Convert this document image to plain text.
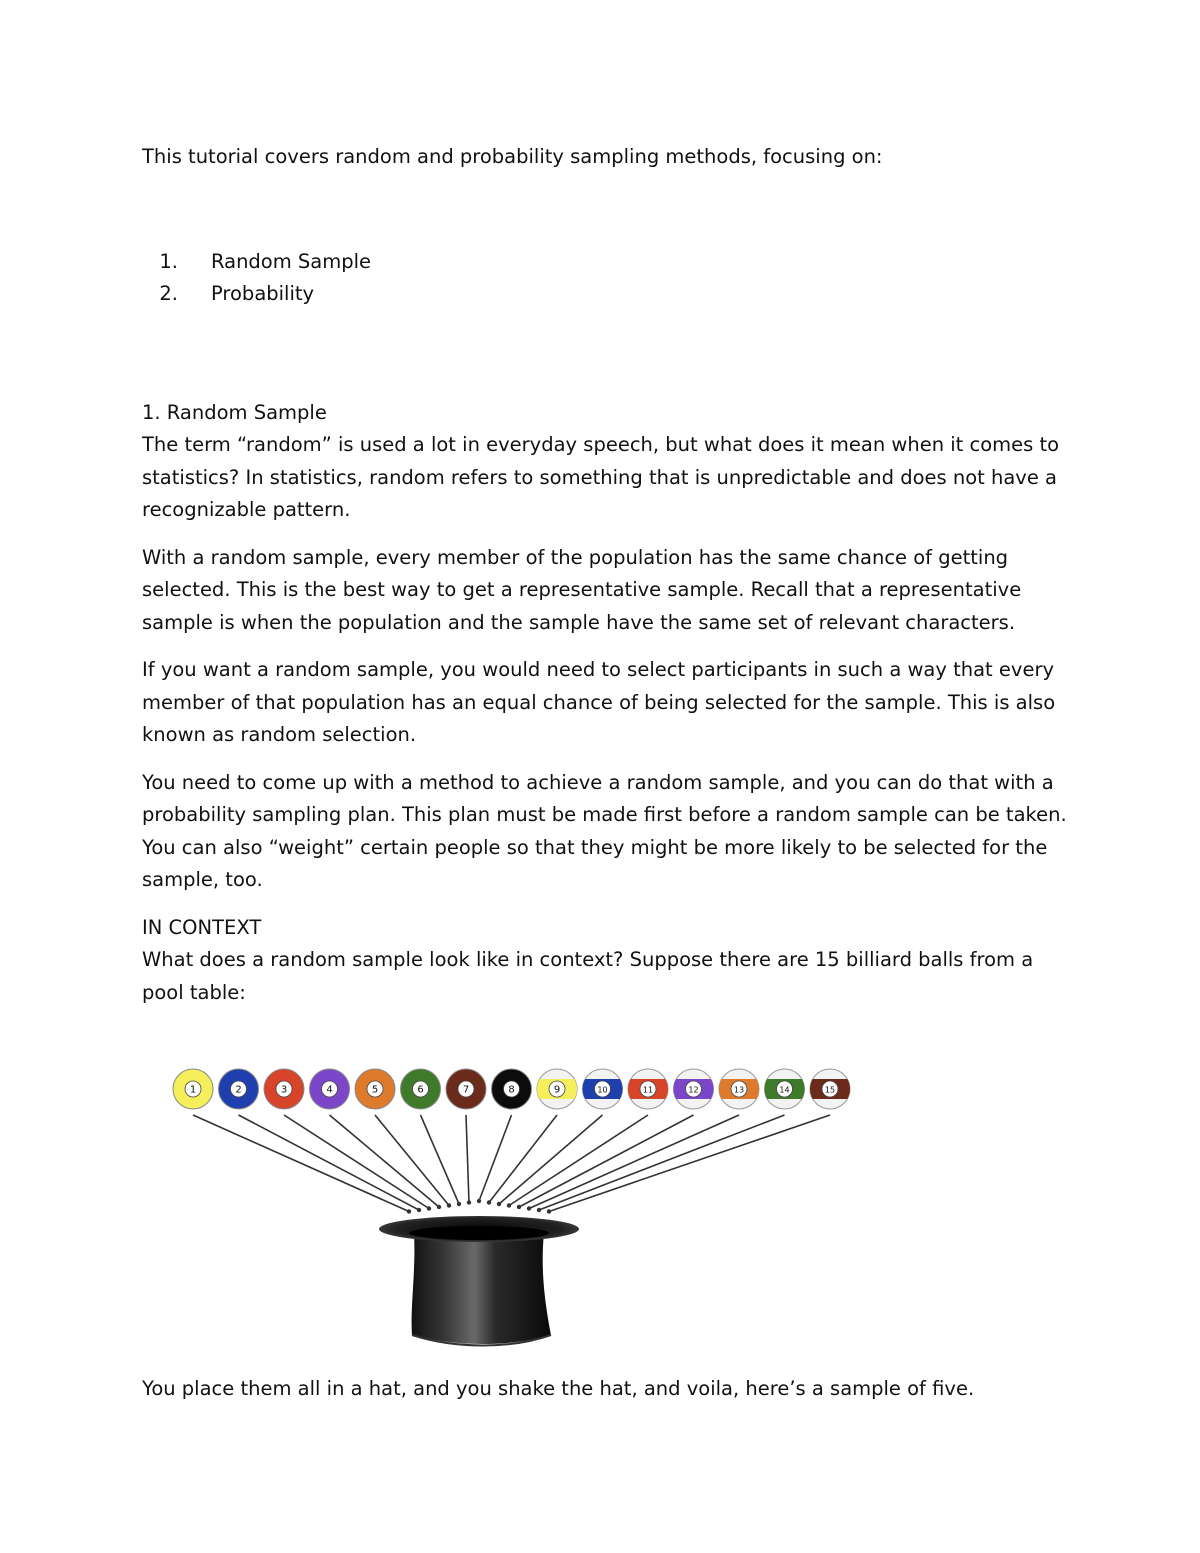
This tutorial covers random and probability sampling methods, focusing on:

1.	Random Sample
2.	Probability

1. Random Sample

The term “random” is used a lot in everyday speech, but what does it mean when it comes to statistics? In statistics, random refers to something that is unpredictable and does not have a recognizable pattern.

With a random sample, every member of the population has the same chance of getting selected. This is the best way to get a representative sample. Recall that a representative sample is when the population and the sample have the same set of relevant characters.

If you want a random sample, you would need to select participants in such a way that every member of that population has an equal chance of being selected for the sample. This is also known as random selection.

You need to come up with a method to achieve a random sample, and you can do that with a probability sampling plan. This plan must be made first before a random sample can be taken. You can also “weight” certain people so that they might be more likely to be selected for the sample, too.

IN CONTEXT

What does a random sample look like in context? Suppose there are 15 billiard balls from a pool table:

1	2	3	4	5	6	7	8	9	10	11	12	13	14	15

You place them all in a hat, and you shake the hat, and voila, here’s a sample of five.
